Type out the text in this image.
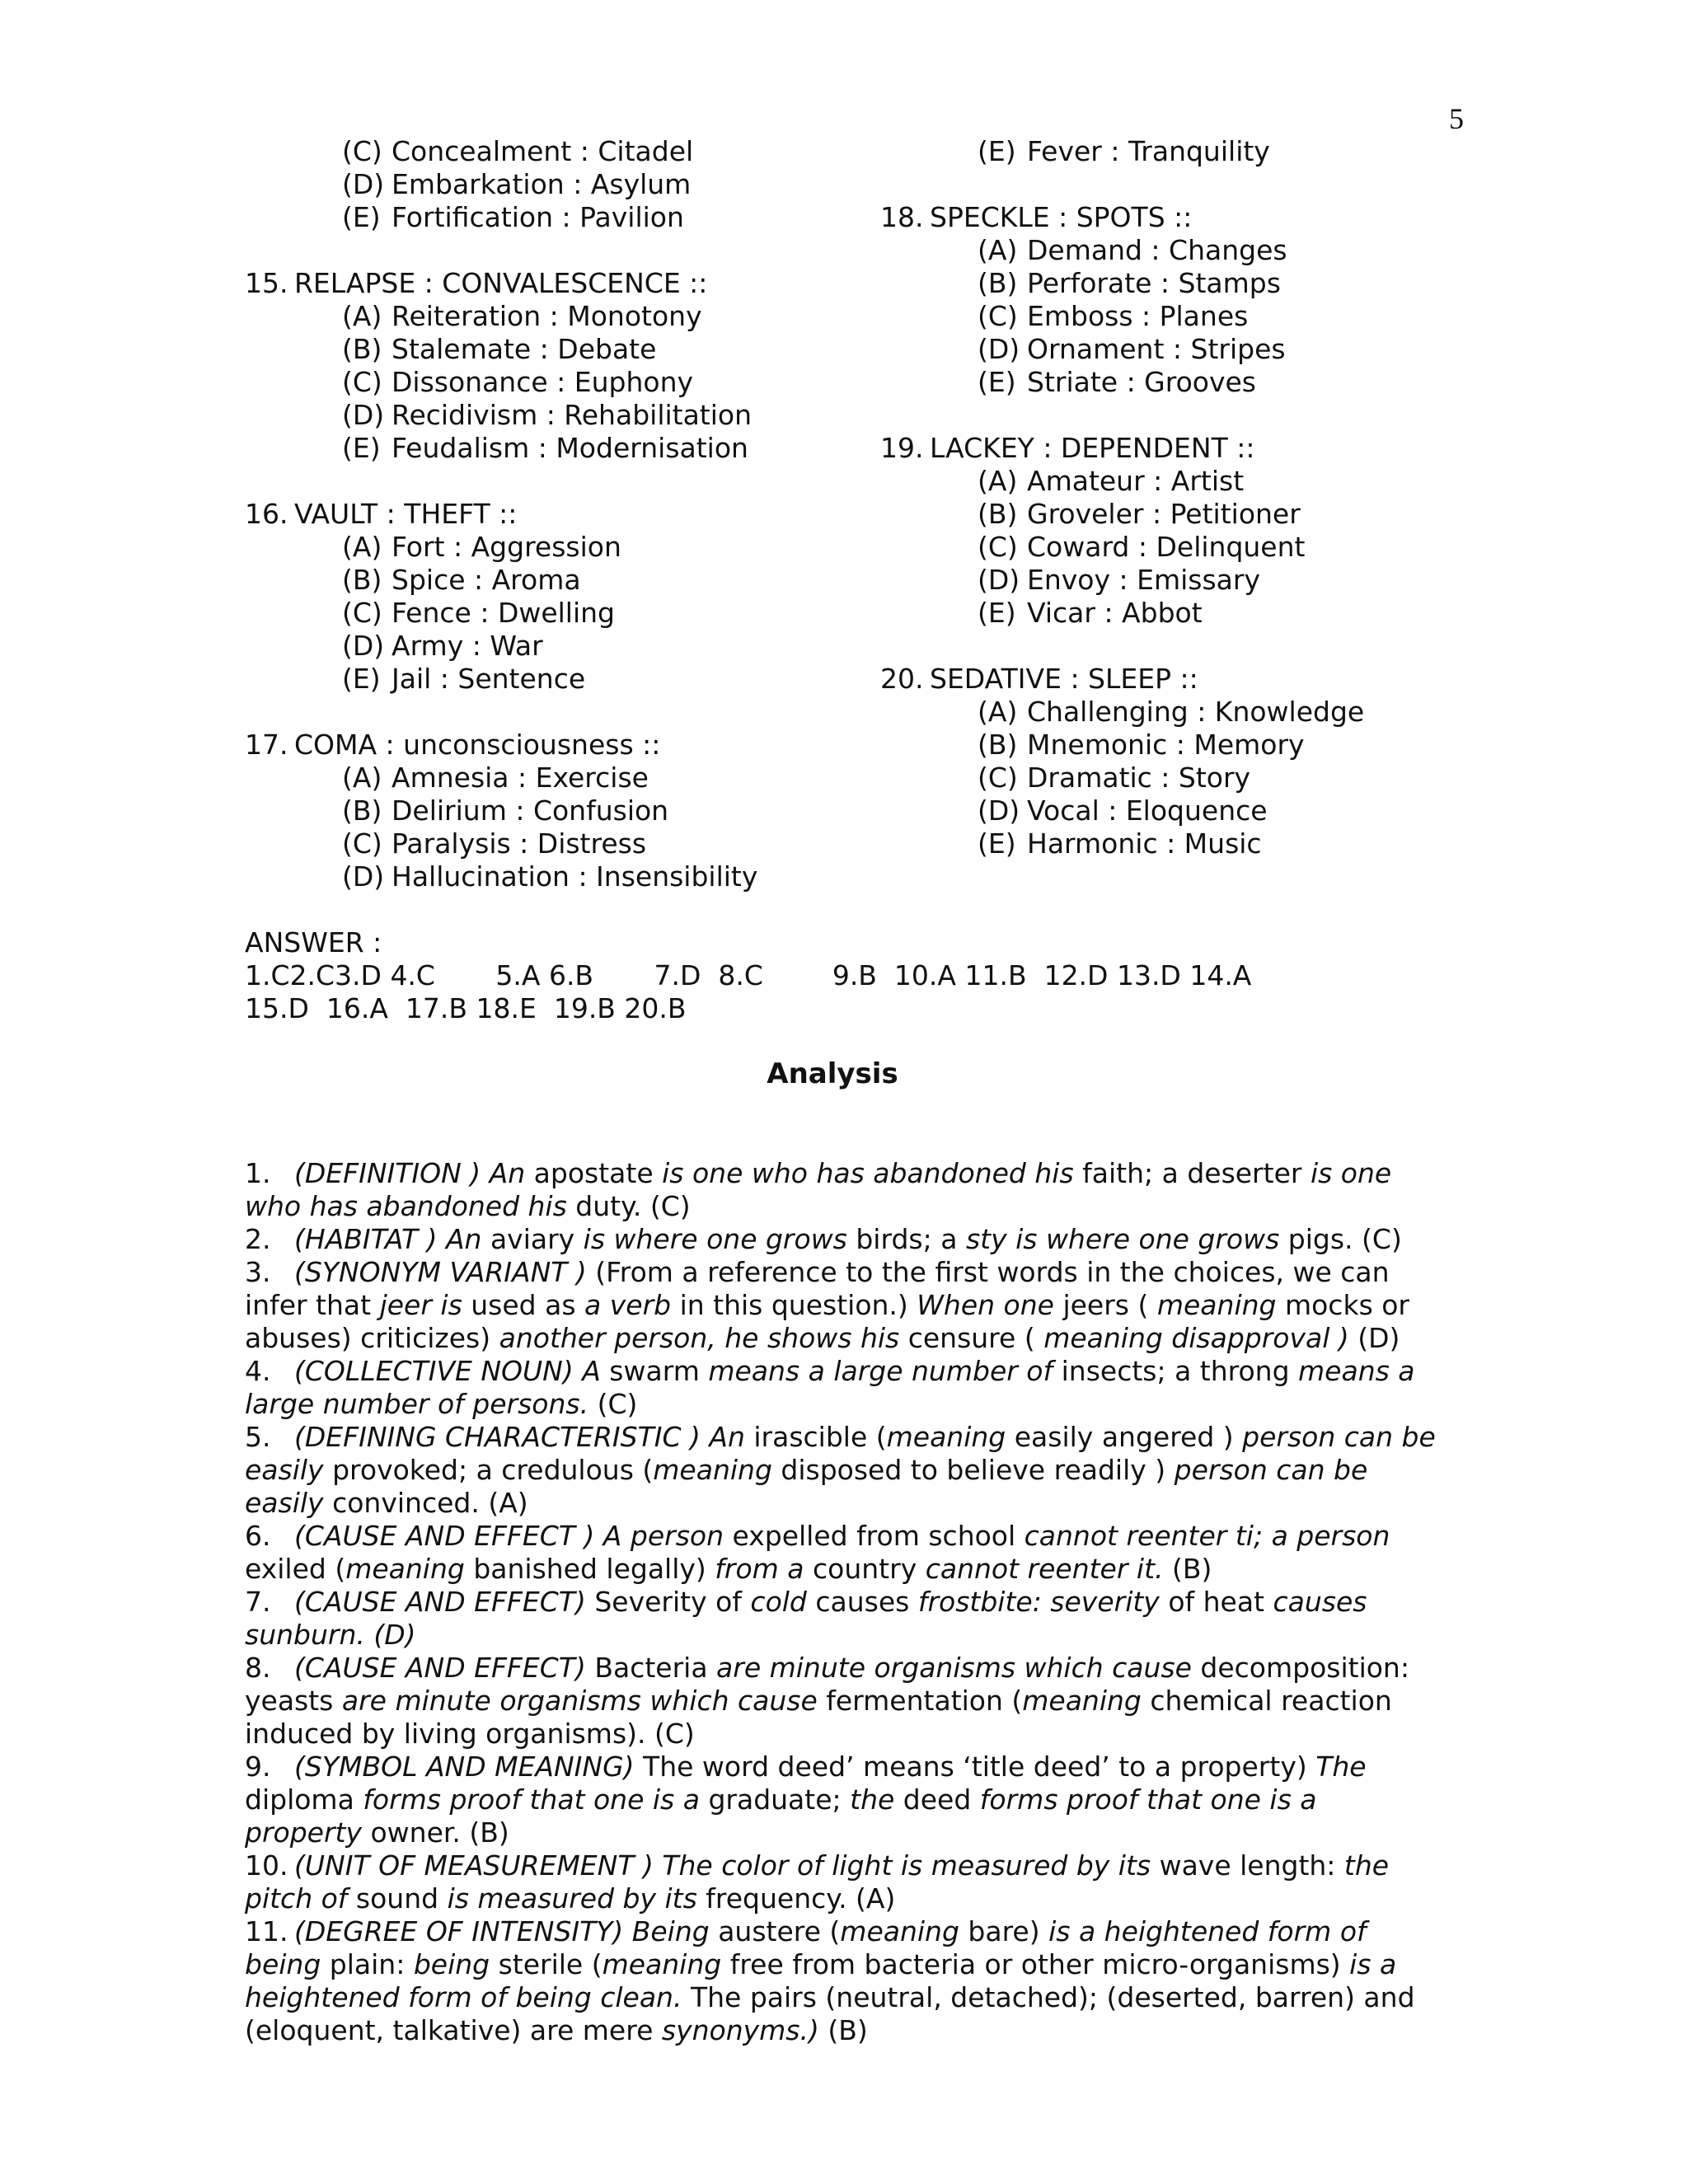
5
(C) Concealment : Citadel
(D) Embarkation : Asylum
(E) Fortification : Pavilion
15. RELAPSE : CONVALESCENCE ::
(A) Reiteration : Monotony
(B) Stalemate : Debate
(C) Dissonance : Euphony
(D) Recidivism : Rehabilitation
(E) Feudalism : Modernisation
16. VAULT : THEFT ::
(A) Fort : Aggression
(B) Spice : Aroma
(C) Fence : Dwelling
(D) Army : War
(E) Jail : Sentence
17. COMA : unconsciousness ::
(A) Amnesia : Exercise
(B) Delirium : Confusion
(C) Paralysis : Distress
(D) Hallucination : Insensibility
(E) Fever : Tranquility
18. SPECKLE : SPOTS ::
(A) Demand : Changes
(B) Perforate : Stamps
(C) Emboss : Planes
(D) Ornament : Stripes
(E) Striate : Grooves
19. LACKEY : DEPENDENT ::
(A) Amateur : Artist
(B) Groveler : Petitioner
(C) Coward : Delinquent
(D) Envoy : Emissary
(E) Vicar : Abbot
20. SEDATIVE : SLEEP ::
(A) Challenging : Knowledge
(B) Mnemonic : Memory
(C) Dramatic : Story
(D) Vocal : Eloquence
(E) Harmonic : Music
ANSWER :
1.C2.C3.D 4.C       5.A 6.B       7.D  8.C        9.B  10.A 11.B  12.D 13.D 14.A
15.D  16.A  17.B 18.E  19.B 20.B
Analysis

1. (DEFINITION ) An apostate is one who has abandoned his faith; a deserter is one who has abandoned his duty. (C)

2. (HABITAT ) An aviary is where one grows birds; a sty is where one grows pigs. (C)

3. (SYNONYM VARIANT ) (From a reference to the first words in the choices, we can infer that jeer is used as a verb in this question.) When one jeers ( meaning mocks or abuses) criticizes) another person, he shows his censure ( meaning disapproval ) (D)

4. (COLLECTIVE NOUN) A swarm means a large number of insects; a throng means a large number of persons. (C)

5. (DEFINING CHARACTERISTIC ) An irascible (meaning easily angered ) person can be easily provoked; a credulous (meaning disposed to believe readily ) person can be easily convinced. (A)

6. (CAUSE AND EFFECT ) A person expelled from school cannot reenter ti; a person exiled (meaning banished legally) from a country cannot reenter it. (B)

7. (CAUSE AND EFFECT) Severity of cold causes frostbite: severity of heat causes sunburn. (D)

8. (CAUSE AND EFFECT) Bacteria are minute organisms which cause decomposition: yeasts are minute organisms which cause fermentation (meaning chemical reaction induced by living organisms). (C)

9. (SYMBOL AND MEANING) The word deed’ means ‘title deed’ to a property) The diploma forms proof that one is a graduate; the deed forms proof that one is a property owner. (B)

10. (UNIT OF MEASUREMENT ) The color of light is measured by its wave length: the pitch of sound is measured by its frequency. (A)

11. (DEGREE OF INTENSITY) Being austere (meaning bare) is a heightened form of being plain: being sterile (meaning free from bacteria or other micro-organisms) is a heightened form of being clean. The pairs (neutral, detached); (deserted, barren) and (eloquent, talkative) are mere synonyms.) (B)
